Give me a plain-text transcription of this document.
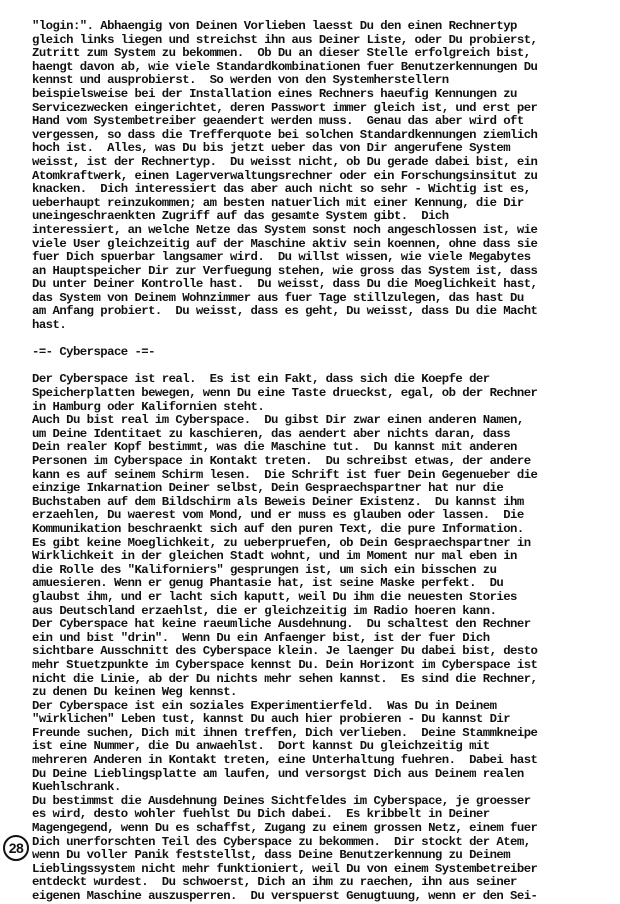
"login:". Abhaengig von Deinen Vorlieben laesst Du den einen Rechnertyp
gleich links liegen und streichst ihn aus Deiner Liste, oder Du probierst,
Zutritt zum System zu bekommen.  Ob Du an dieser Stelle erfolgreich bist,
haengt davon ab, wie viele Standardkombinationen fuer Benutzerkennungen Du
kennst und ausprobierst.  So werden von den Systemherstellern
beispielsweise bei der Installation eines Rechners haeufig Kennungen zu
Servicezwecken eingerichtet, deren Passwort immer gleich ist, und erst per
Hand vom Systembetreiber geaendert werden muss.  Genau das aber wird oft
vergessen, so dass die Trefferquote bei solchen Standardkennungen ziemlich
hoch ist.  Alles, was Du bis jetzt ueber das von Dir angerufene System
weisst, ist der Rechnertyp.  Du weisst nicht, ob Du gerade dabei bist, ein
Atomkraftwerk, einen Lagerverwaltungsrechner oder ein Forschungsinsitut zu
knacken.  Dich interessiert das aber auch nicht so sehr - Wichtig ist es,
ueberhaupt reinzukommen; am besten natuerlich mit einer Kennung, die Dir
uneingeschraenkten Zugriff auf das gesamte System gibt.  Dich
interessiert, an welche Netze das System sonst noch angeschlossen ist, wie
viele User gleichzeitig auf der Maschine aktiv sein koennen, ohne dass sie
fuer Dich spuerbar langsamer wird.  Du willst wissen, wie viele Megabytes
an Hauptspeicher Dir zur Verfuegung stehen, wie gross das System ist, dass
Du unter Deiner Kontrolle hast.  Du weisst, dass Du die Moeglichkeit hast,
das System von Deinem Wohnzimmer aus fuer Tage stillzulegen, das hast Du
am Anfang probiert.  Du weisst, dass es geht, Du weisst, dass Du die Macht
hast.
-=- Cyberspace -=-
Der Cyberspace ist real.  Es ist ein Fakt, dass sich die Koepfe der
Speicherplatten bewegen, wenn Du eine Taste drueckst, egal, ob der Rechner
in Hamburg oder Kalifornien steht.
Auch Du bist real im Cyberspace.  Du gibst Dir zwar einen anderen Namen,
um Deine Identitaet zu kaschieren, das aendert aber nichts daran, dass
Dein realer Kopf bestimmt, was die Maschine tut.  Du kannst mit anderen
Personen im Cyberspace in Kontakt treten.  Du schreibst etwas, der andere
kann es auf seinem Schirm lesen.  Die Schrift ist fuer Dein Gegenueber die
einzige Inkarnation Deiner selbst, Dein Gespraechspartner hat nur die
Buchstaben auf dem Bildschirm als Beweis Deiner Existenz.  Du kannst ihm
erzaehlen, Du waerest vom Mond, und er muss es glauben oder lassen.  Die
Kommunikation beschraenkt sich auf den puren Text, die pure Information.
Es gibt keine Moeglichkeit, zu ueberpruefen, ob Dein Gespraechspartner in
Wirklichkeit in der gleichen Stadt wohnt, und im Moment nur mal eben in
die Rolle des "Kaliforniers" gesprungen ist, um sich ein bisschen zu
amuesieren. Wenn er genug Phantasie hat, ist seine Maske perfekt.  Du
glaubst ihm, und er lacht sich kaputt, weil Du ihm die neuesten Stories
aus Deutschland erzaehlst, die er gleichzeitig im Radio hoeren kann.
Der Cyberspace hat keine raeumliche Ausdehnung.  Du schaltest den Rechner
ein und bist "drin".  Wenn Du ein Anfaenger bist, ist der fuer Dich
sichtbare Ausschnitt des Cyberspace klein. Je laenger Du dabei bist, desto
mehr Stuetzpunkte im Cyberspace kennst Du. Dein Horizont im Cyberspace ist
nicht die Linie, ab der Du nichts mehr sehen kannst.  Es sind die Rechner,
zu denen Du keinen Weg kennst.
Der Cyberspace ist ein soziales Experimentierfeld.  Was Du in Deinem
"wirklichen" Leben tust, kannst Du auch hier probieren - Du kannst Dir
Freunde suchen, Dich mit ihnen treffen, Dich verlieben.  Deine Stammkneipe
ist eine Nummer, die Du anwaehlst.  Dort kannst Du gleichzeitig mit
mehreren Anderen in Kontakt treten, eine Unterhaltung fuehren.  Dabei hast
Du Deine Lieblingsplatte am laufen, und versorgst Dich aus Deinem realen
Kuehlschrank.
Du bestimmst die Ausdehnung Deines Sichtfeldes im Cyberspace, je groesser
es wird, desto wohler fuehlst Du Dich dabei.  Es kribbelt in Deiner
Magengegend, wenn Du es schaffst, Zugang zu einem grossen Netz, einem fuer
Dich unerforschten Teil des Cyberspace zu bekommen.  Dir stockt der Atem,
wenn Du voller Panik feststellst, dass Deine Benutzerkennung zu Deinem
Lieblingssystem nicht mehr funktioniert, weil Du von einem Systembetreiber
entdeckt wurdest.  Du schwoerst, Dich an ihm zu raechen, ihn aus seiner
eigenen Maschine auszusperren.  Du verspuerst Genugtuung, wenn er den Sei-
28
